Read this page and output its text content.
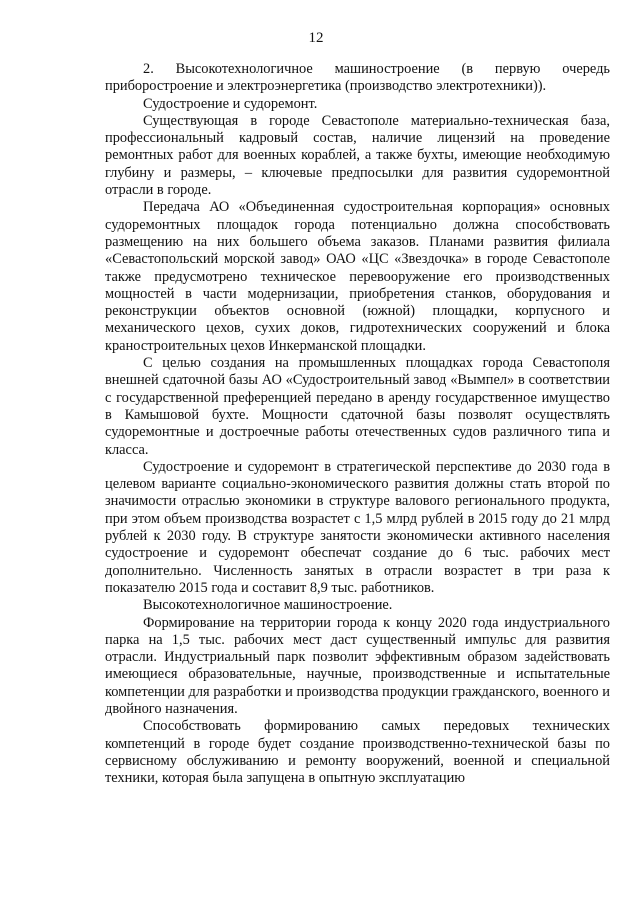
12

2. Высокотехнологичное машиностроение (в первую очередь приборостроение и электроэнергетика (производство электротехники)).

Судостроение и судоремонт.

Существующая в городе Севастополе материально-техническая база, профессиональный кадровый состав, наличие лицензий на проведение ремонтных работ для военных кораблей, а также бухты, имеющие необходимую глубину и размеры, – ключевые предпосылки для развития судоремонтной отрасли в городе.

Передача АО «Объединенная судостроительная корпорация» основных судоремонтных площадок города потенциально должна способствовать размещению на них большего объема заказов. Планами развития филиала «Севастопольский морской завод» ОАО «ЦС «Звездочка» в городе Севастополе также предусмотрено техническое перевооружение его производственных мощностей в части модернизации, приобретения станков, оборудования и реконструкции объектов основной (южной) площадки, корпусного и механического цехов, сухих доков, гидротехнических сооружений и блока краностроительных цехов Инкерманской площадки.

С целью создания на промышленных площадках города Севастополя внешней сдаточной базы АО «Судостроительный завод «Вымпел» в соответствии с государственной преференцией передано в аренду государственное имущество в Камышовой бухте. Мощности сдаточной базы позволят осуществлять судоремонтные и достроечные работы отечественных судов различного типа и класса.

Судостроение и судоремонт в стратегической перспективе до 2030 года в целевом варианте социально-экономического развития должны стать второй по значимости отраслью экономики в структуре валового регионального продукта, при этом объем производства возрастет с 1,5 млрд рублей в 2015 году до 21 млрд рублей к 2030 году. В структуре занятости экономически активного населения судостроение и судоремонт обеспечат создание до 6 тыс. рабочих мест дополнительно. Численность занятых в отрасли возрастет в три раза к показателю 2015 года и составит 8,9 тыс. работников.

Высокотехнологичное машиностроение.

Формирование на территории города к концу 2020 года индустриального парка на 1,5 тыс. рабочих мест даст существенный импульс для развития отрасли. Индустриальный парк позволит эффективным образом задействовать имеющиеся образовательные, научные, производственные и испытательные компетенции для разработки и производства продукции гражданского, военного и двойного назначения.

Способствовать формированию самых передовых технических компетенций в городе будет создание производственно-технической базы по сервисному обслуживанию и ремонту вооружений, военной и специальной техники, которая была запущена в опытную эксплуатацию
